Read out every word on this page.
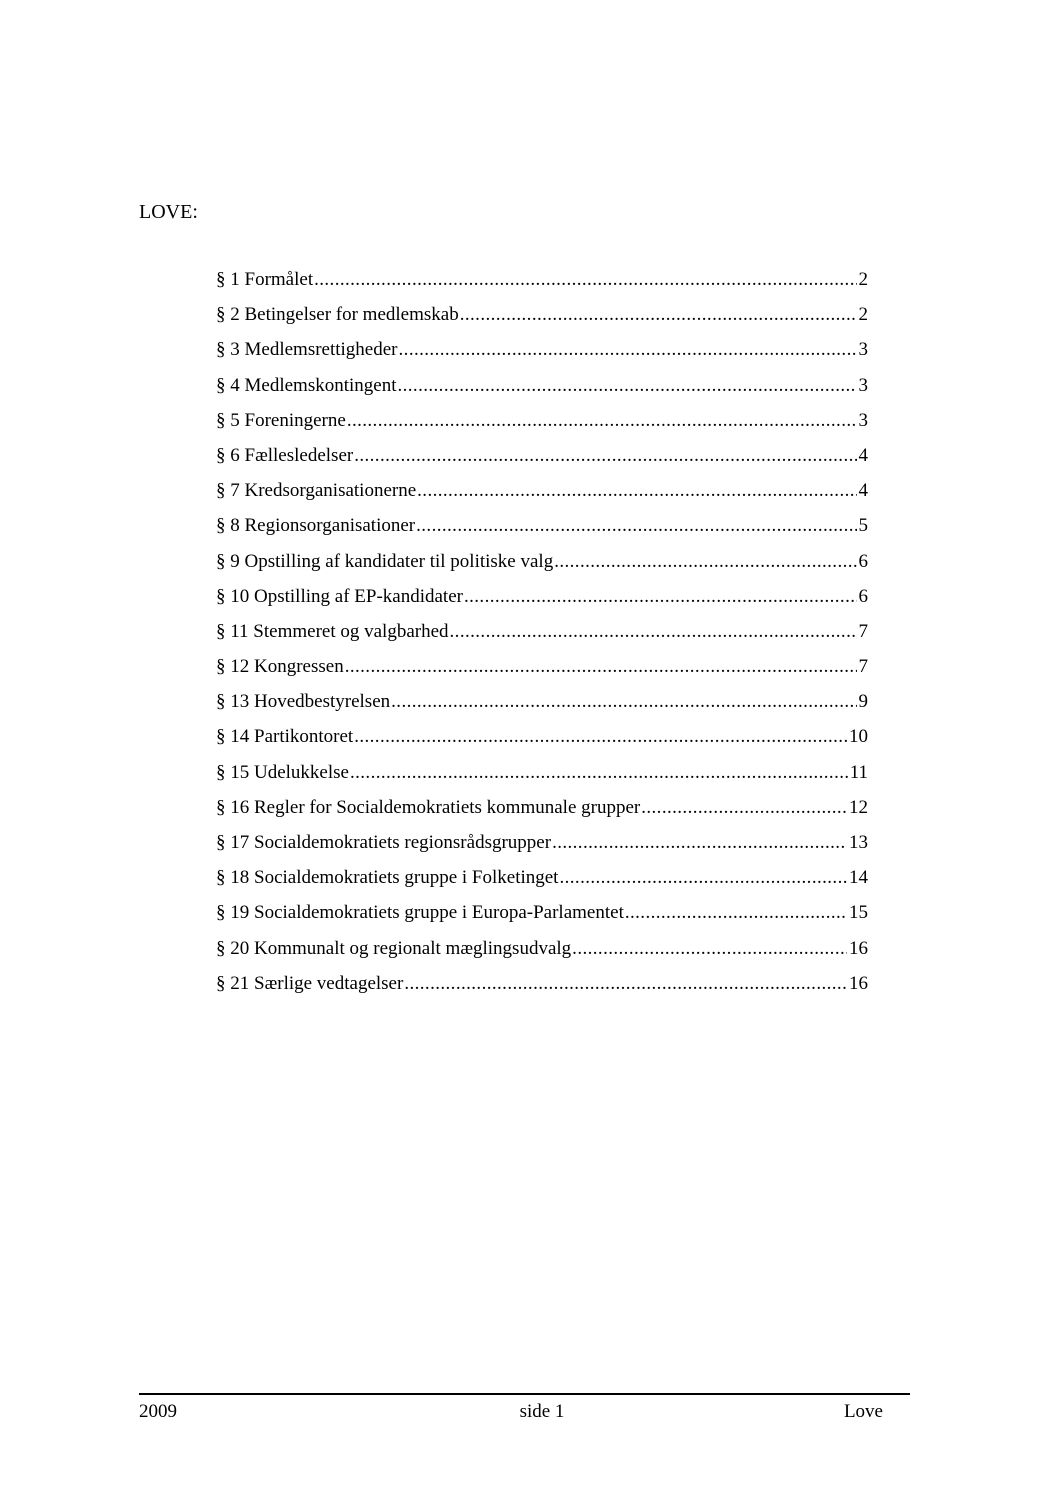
LOVE:
§ 1 Formålet .....	2
§ 2 Betingelser for medlemskab .....	2
§ 3 Medlemsrettigheder .....	3
§ 4 Medlemskontingent .....	3
§ 5 Foreningerne .....	3
§ 6 Fællesledelser .....	4
§ 7 Kredsorganisationerne .....	4
§ 8 Regionsorganisationer .....	5
§ 9 Opstilling af kandidater til politiske valg .....	6
§ 10 Opstilling af EP-kandidater .....	6
§ 11 Stemmeret og valgbarhed .....	7
§ 12 Kongressen .....	7
§ 13 Hovedbestyrelsen .....	9
§ 14 Partikontoret .....	10
§ 15 Udelukkelse .....	11
§ 16 Regler for Socialdemokratiets kommunale grupper .....	12
§ 17 Socialdemokratiets regionsrådsgrupper .....	13
§ 18 Socialdemokratiets gruppe i Folketinget .....	14
§ 19 Socialdemokratiets gruppe i Europa-Parlamentet .....	15
§ 20 Kommunalt og regionalt mæglingsudvalg .....	16
§ 21 Særlige vedtagelser .....	16
2009	side 1	Love
